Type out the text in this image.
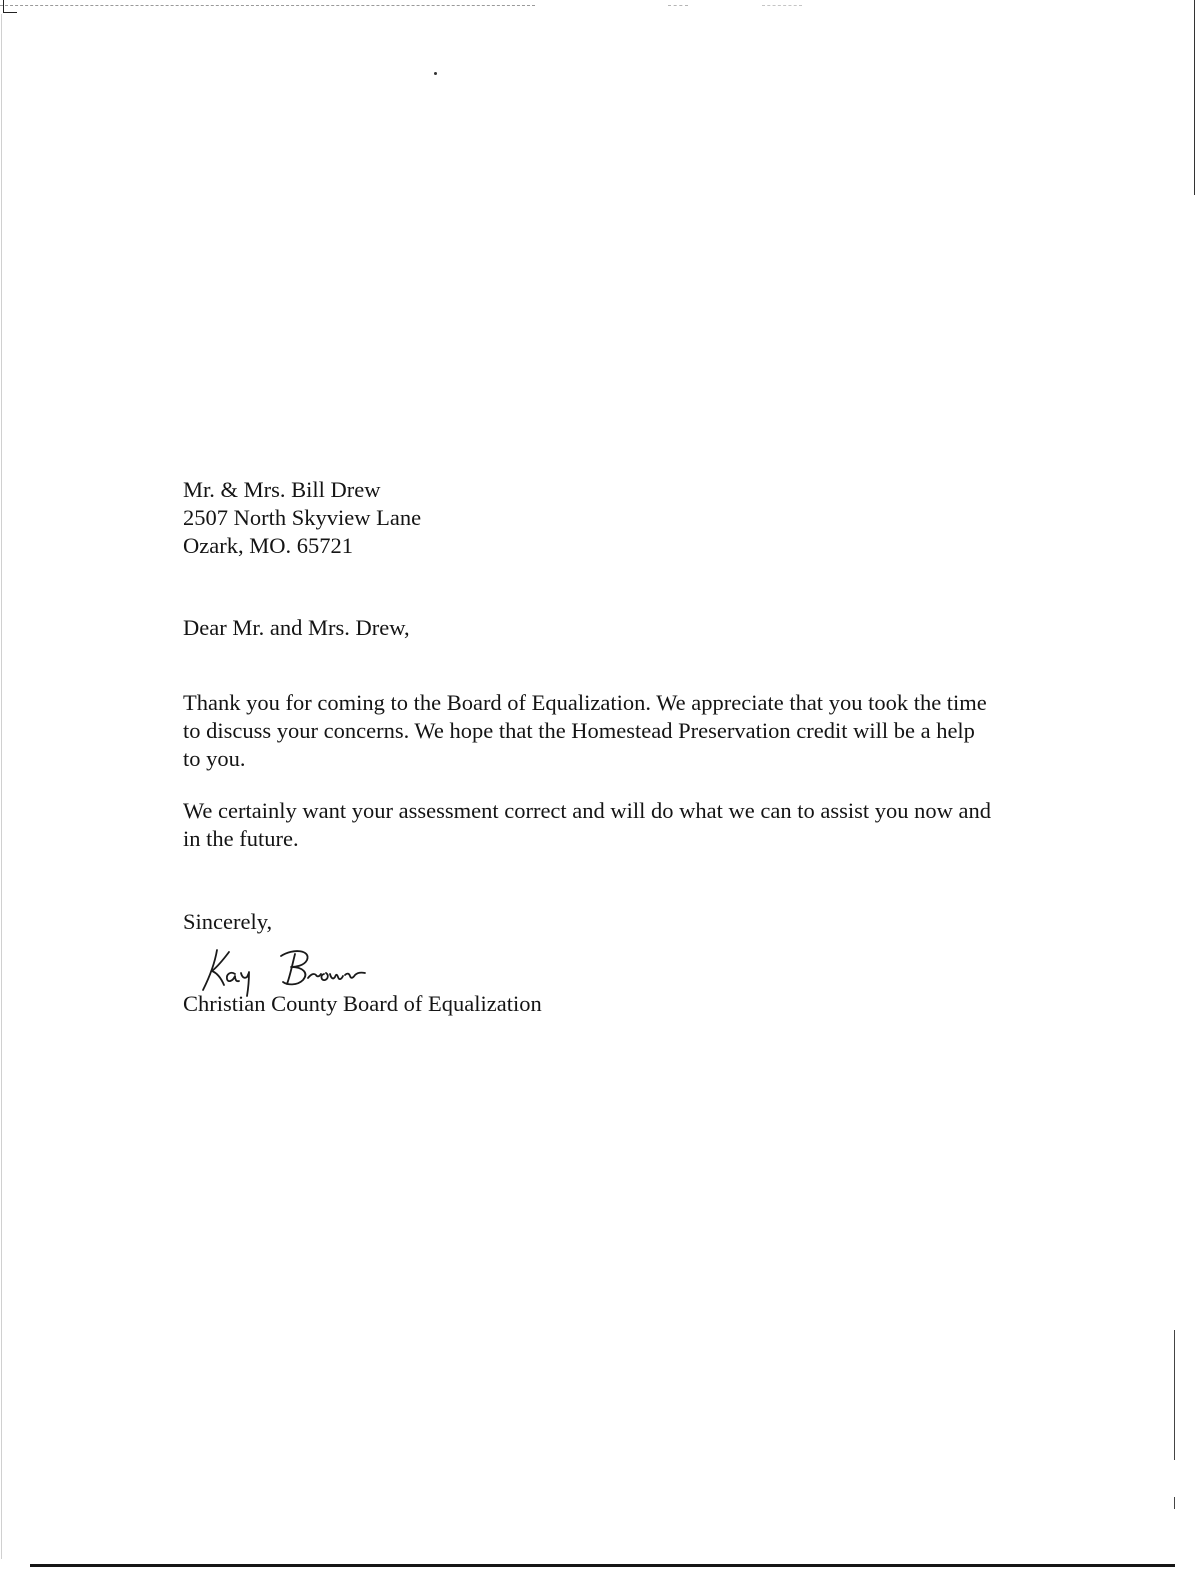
Mr. & Mrs. Bill Drew
2507 North Skyview Lane
Ozark, MO. 65721

Dear Mr. and Mrs. Drew,

Thank you for coming to the Board of Equalization. We appreciate that you took the time
to discuss your concerns. We hope that the Homestead Preservation credit will be a help
to you.
We certainly want your assessment correct and will do what we can to assist you now and
in the future.

Sincerely,

Christian County Board of Equalization
